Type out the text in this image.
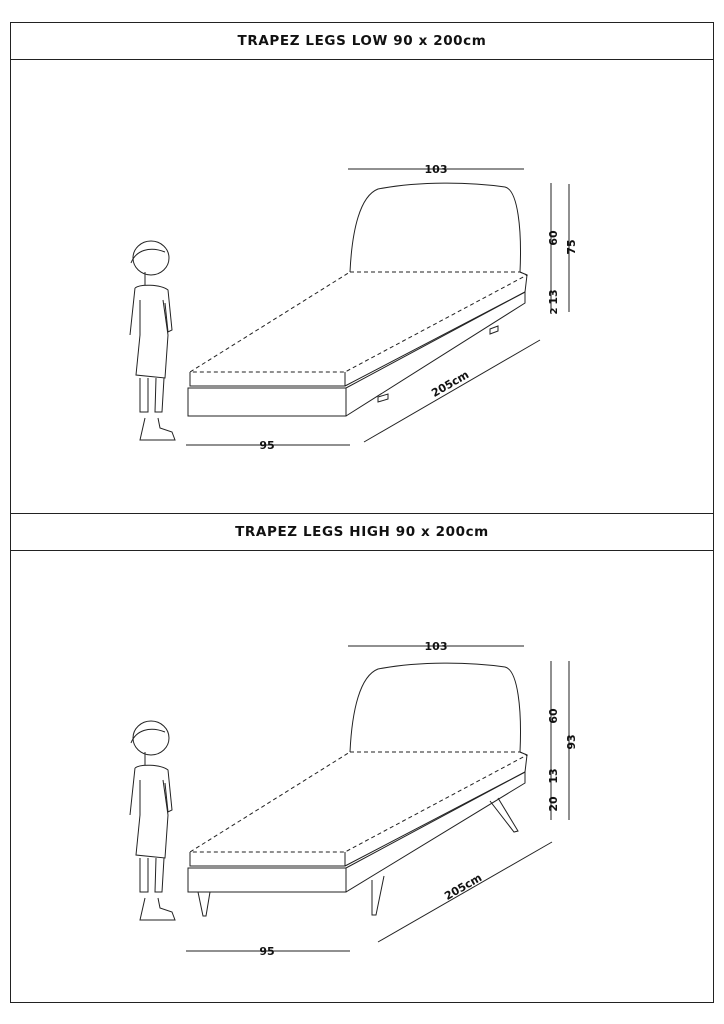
TRAPEZ LEGS LOW 90 x 200cm
103
60
13
2
75
95
205cm
TRAPEZ LEGS HIGH 90 x 200cm
103
60
13
20
93
95
205cm
